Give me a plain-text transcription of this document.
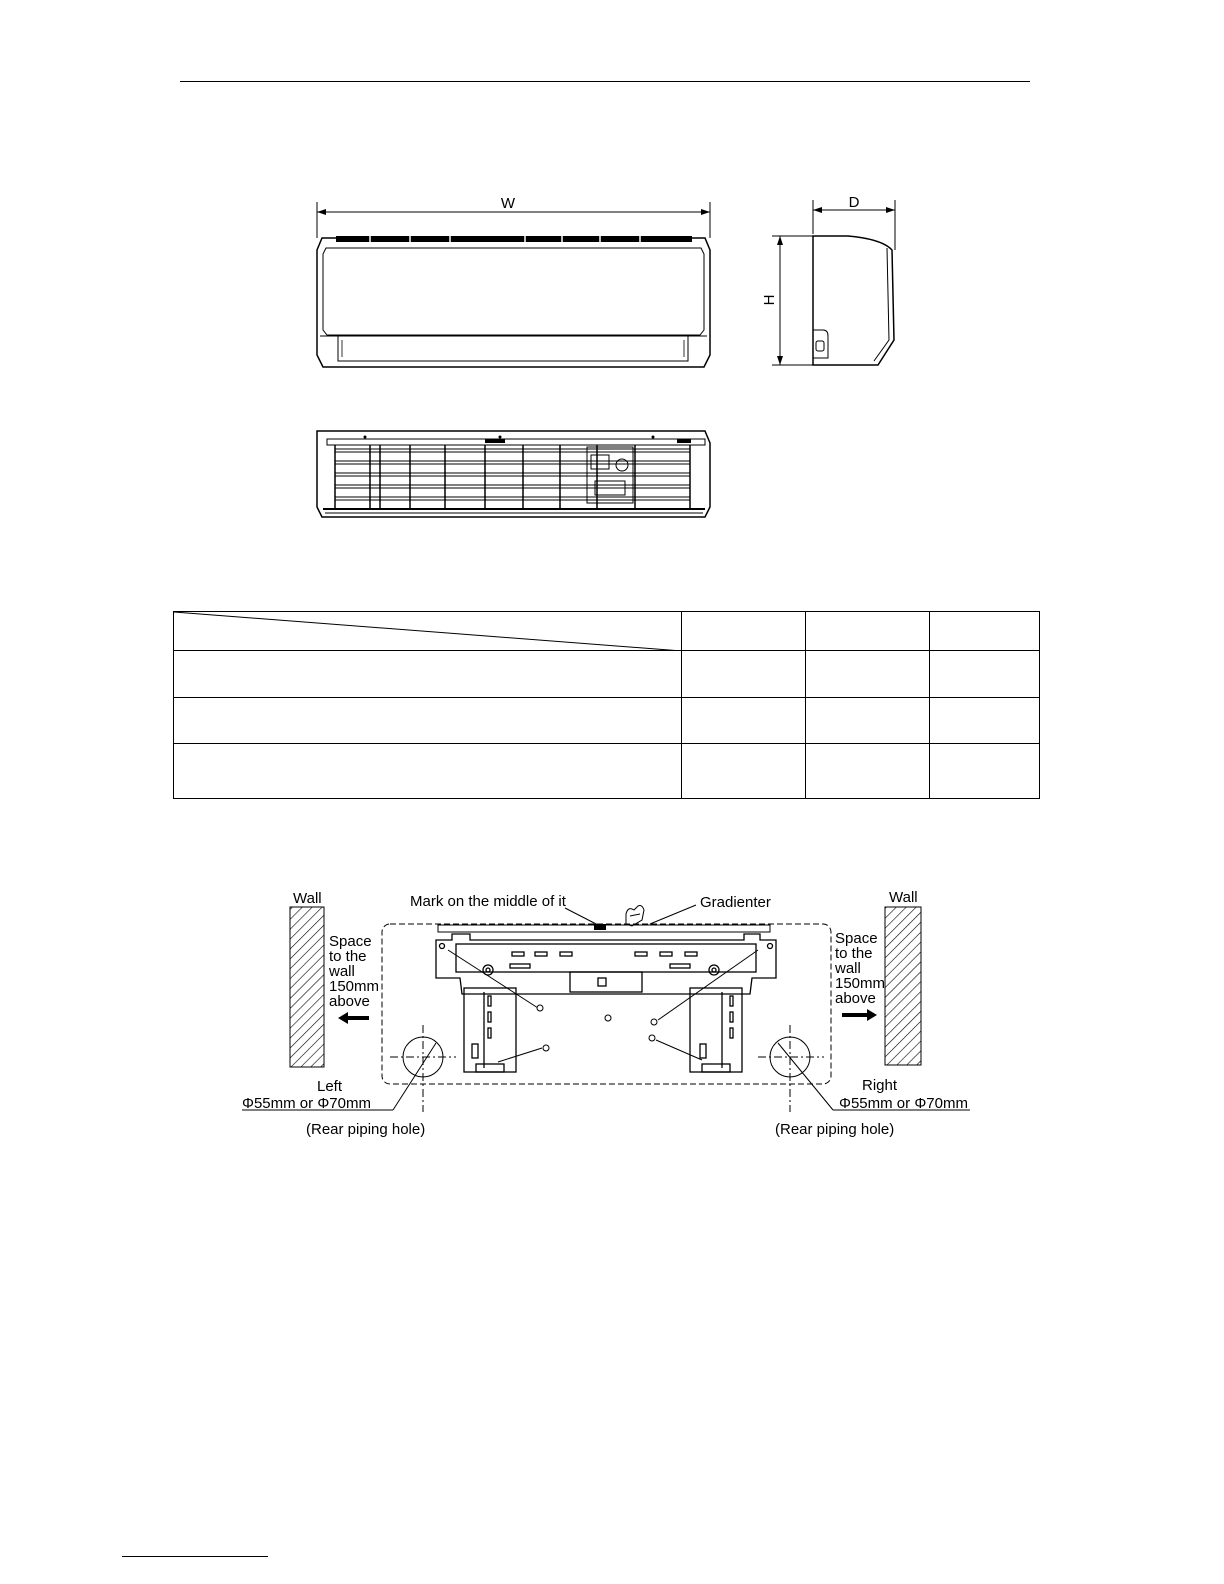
W	D
H

Wall	Wall
Space
to the
wall
150mm
above
Space
to the
wall
150mm
above
Mark on the middle of it	Gradienter
Left
Φ55mm or Φ70mm
Right
Φ55mm or Φ70mm
(Rear piping hole)	(Rear piping hole)
